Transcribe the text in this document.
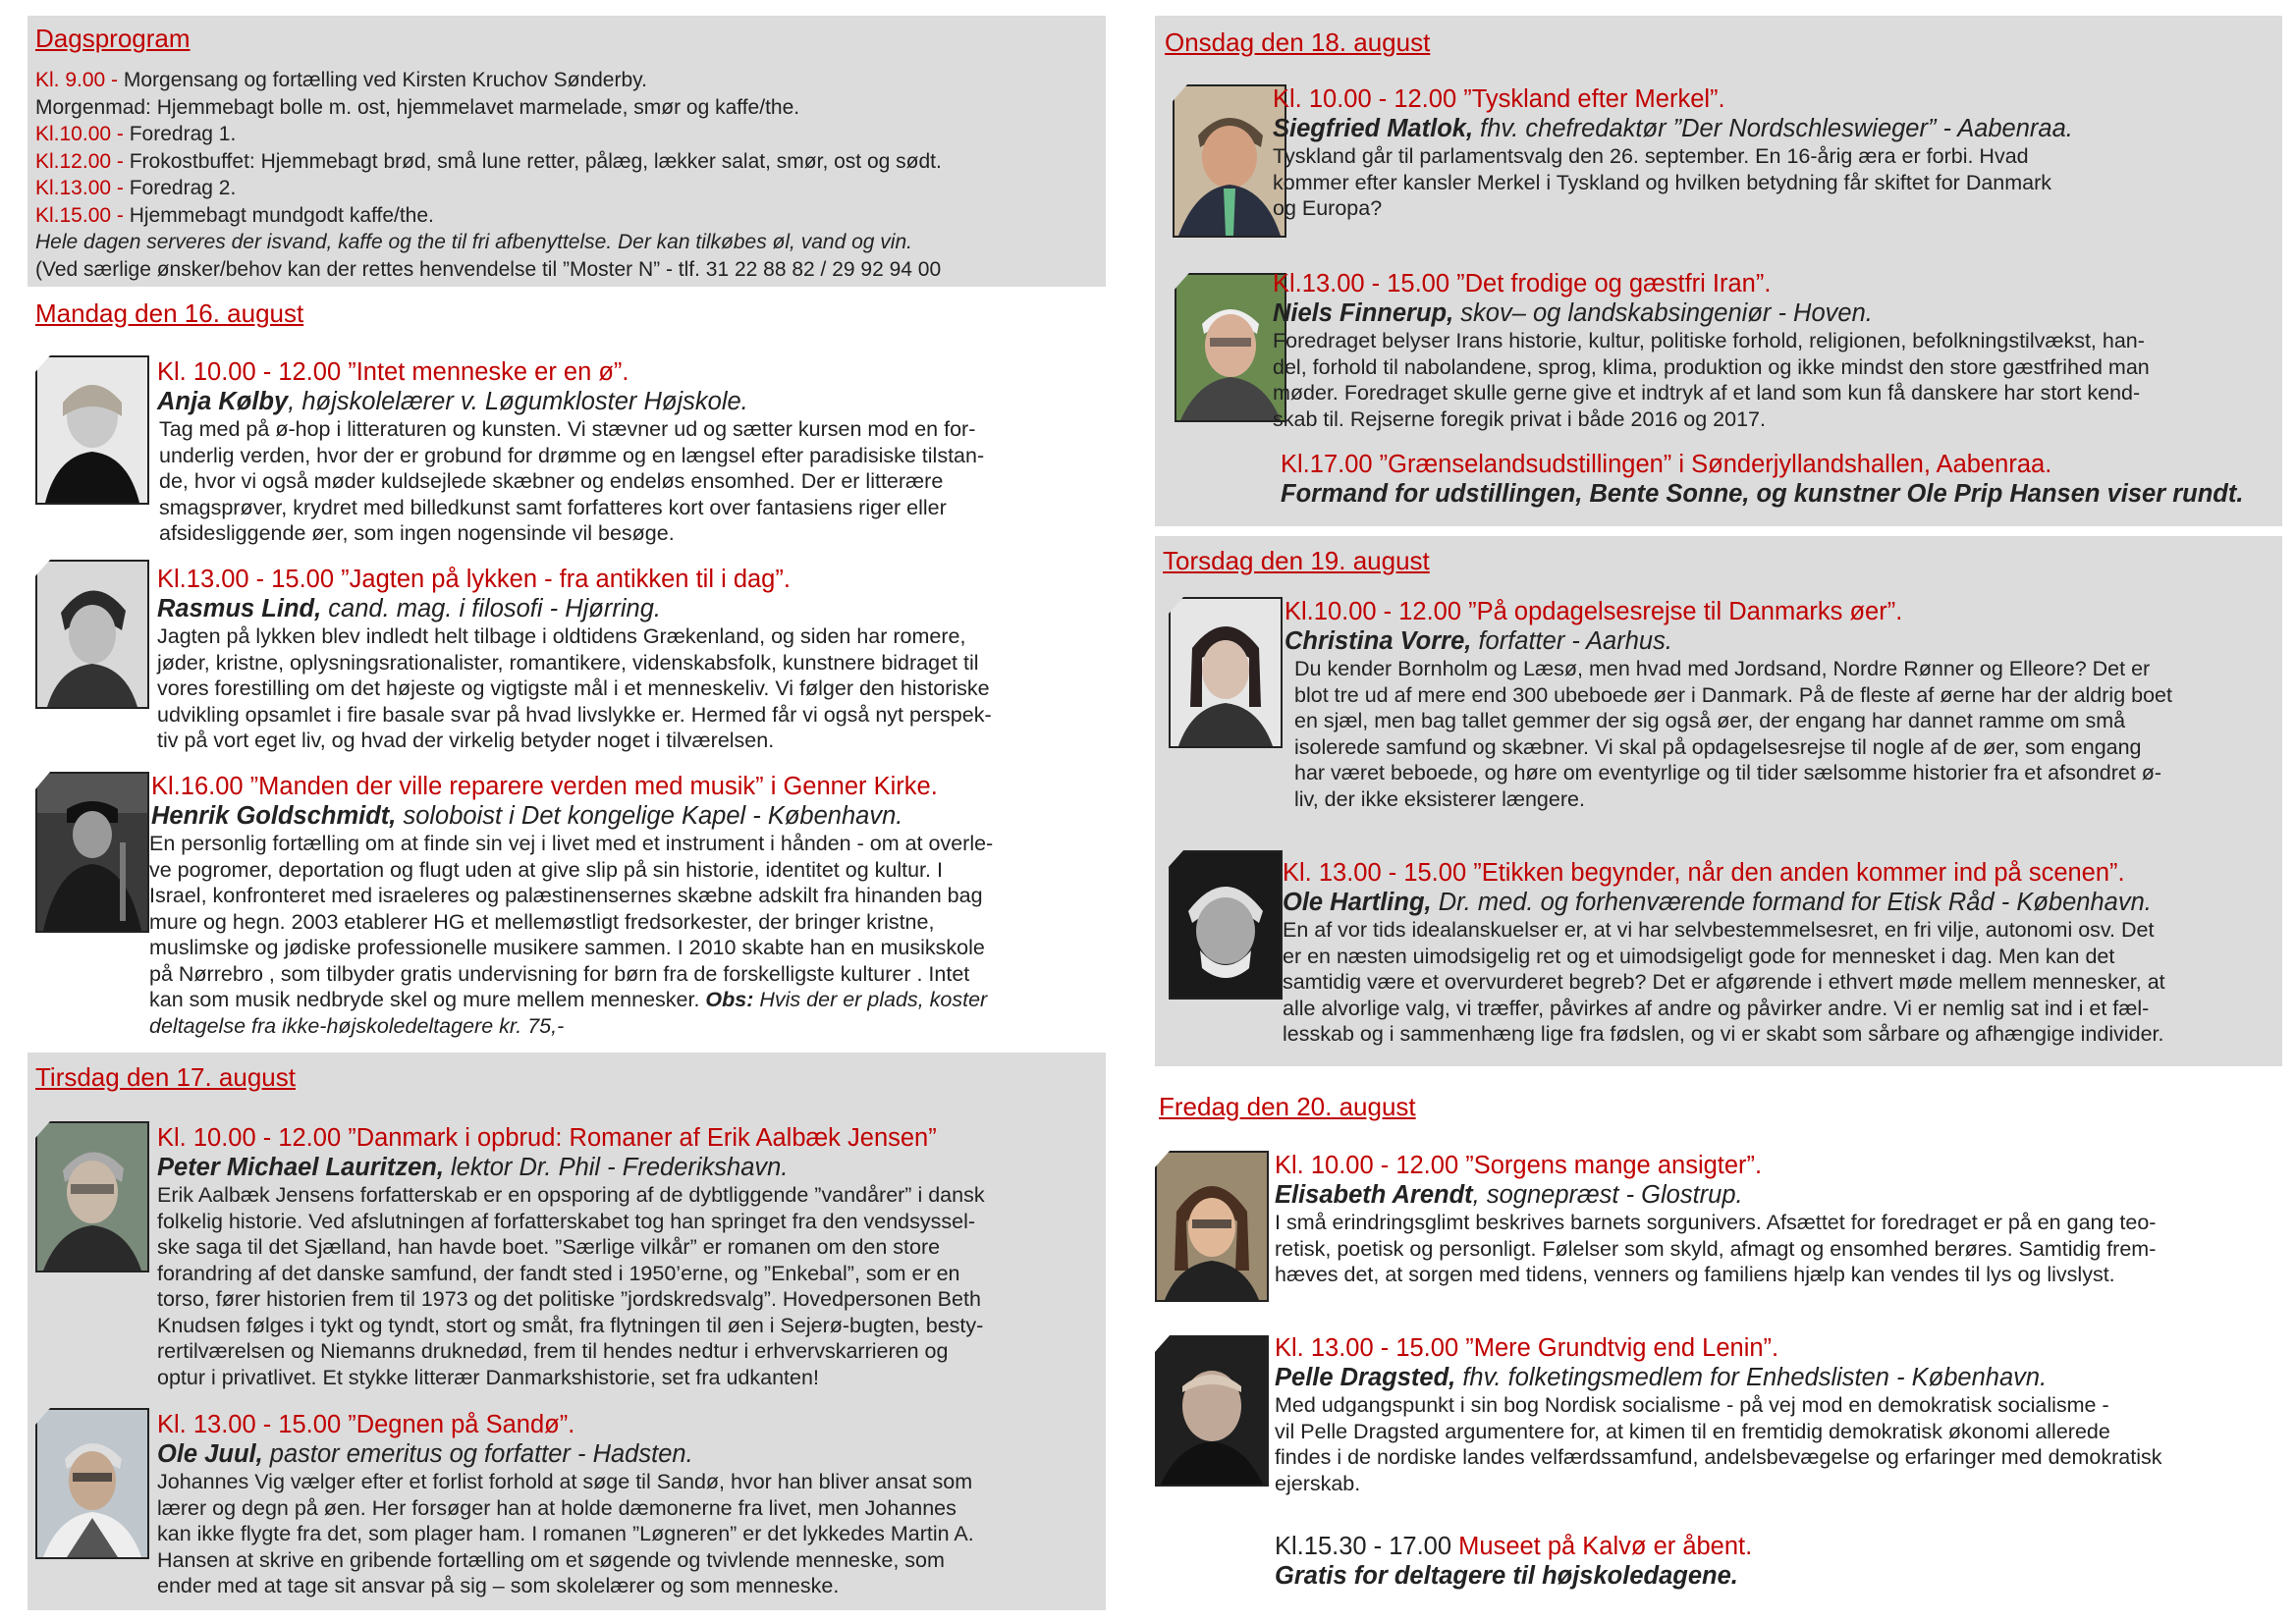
Dagsprogram
Kl. 9.00 - Morgensang og fortælling ved Kirsten Kruchov Sønderby.
Morgenmad: Hjemmebagt bolle m. ost, hjemmelavet marmelade, smør og kaffe/the.
Kl.10.00 - Foredrag 1.
Kl.12.00 - Frokostbuffet: Hjemmebagt brød, små lune retter, pålæg, lækker salat, smør, ost og sødt.
Kl.13.00 - Foredrag 2.
Kl.15.00 - Hjemmebagt mundgodt kaffe/the.
Hele dagen serveres der isvand, kaffe og the til fri afbenyttelse. Der kan tilkøbes øl, vand og vin.
(Ved særlige ønsker/behov kan der rettes henvendelse til ”Moster N” - tlf. 31 22 88 82 / 29 92 94 00
Mandag den 16. august
Kl. 10.00 - 12.00 ”Intet menneske er en ø”.
Anja Kølby, højskolelærer v. Løgumkloster Højskole.
Tag med på ø-hop i litteraturen og kunsten. Vi stævner ud og sætter kursen mod en for-
underlig verden, hvor der er grobund for drømme og en længsel efter paradisiske tilstan-
de, hvor vi også møder kuldsejlede skæbner og endeløs ensomhed. Der er litterære
smagsprøver, krydret med billedkunst samt forfatteres kort over fantasiens riger eller
afsidesliggende øer, som ingen nogensinde vil besøge.
Kl.13.00 - 15.00 ”Jagten på lykken - fra antikken til i dag”.
Rasmus Lind, cand. mag. i filosofi - Hjørring.
Jagten på lykken blev indledt helt tilbage i oldtidens Grækenland, og siden har romere,
jøder, kristne, oplysningsrationalister, romantikere, videnskabsfolk, kunstnere bidraget til
vores forestilling om det højeste og vigtigste mål i et menneskeliv. Vi følger den historiske
udvikling opsamlet i fire basale svar på hvad livslykke er. Hermed får vi også nyt perspek-
tiv på vort eget liv, og hvad der virkelig betyder noget i tilværelsen.
Kl.16.00 ”Manden der ville reparere verden med musik” i Genner Kirke.
Henrik Goldschmidt, soloboist i Det kongelige Kapel - København.
En personlig fortælling om at finde sin vej i livet med et instrument i hånden - om at overle-
ve pogromer, deportation og flugt uden at give slip på sin historie, identitet og kultur. I
Israel, konfronteret med israeleres og palæstinensernes skæbne adskilt fra hinanden bag
mure og hegn. 2003 etablerer HG et mellemøstligt fredsorkester, der bringer kristne,
muslimske og jødiske professionelle musikere sammen. I 2010 skabte han en musikskole
på Nørrebro , som tilbyder gratis undervisning for børn fra de forskelligste kulturer . Intet
kan som musik nedbryde skel og mure mellem mennesker. Obs: Hvis der er plads, koster
deltagelse fra ikke-højskoledeltagere kr. 75,-
Tirsdag den 17. august
Kl. 10.00 - 12.00 ”Danmark i opbrud: Romaner af Erik Aalbæk Jensen”
Peter Michael Lauritzen, lektor Dr. Phil - Frederikshavn.
Erik Aalbæk Jensens forfatterskab er en opsporing af de dybtliggende ”vandårer” i dansk
folkelig historie. Ved afslutningen af forfatterskabet tog han springet fra den vendsyssel-
ske saga til det Sjælland, han havde boet. ”Særlige vilkår” er romanen om den store
forandring af det danske samfund, der fandt sted i 1950’erne, og ”Enkebal”, som er en
torso, fører historien frem til 1973 og det politiske ”jordskredsvalg”. Hovedpersonen Beth
Knudsen følges i tykt og tyndt, stort og småt, fra flytningen til øen i Sejerø-bugten, besty-
rertilværelsen og Niemanns druknedød, frem til hendes nedtur i erhvervskarrieren og
optur i privatlivet. Et stykke litterær Danmarkshistorie, set fra udkanten!
Kl. 13.00 - 15.00 ”Degnen på Sandø”.
Ole Juul, pastor emeritus og forfatter - Hadsten.
Johannes Vig vælger efter et forlist forhold at søge til Sandø, hvor han bliver ansat som
lærer og degn på øen. Her forsøger han at holde dæmonerne fra livet, men Johannes
kan ikke flygte fra det, som plager ham. I romanen ”Løgneren” er det lykkedes Martin A.
Hansen at skrive en gribende fortælling om et søgende og tvivlende menneske, som
ender med at tage sit ansvar på sig – som skolelærer og som menneske.
Onsdag den 18. august
Kl. 10.00 - 12.00 ”Tyskland efter Merkel”.
Siegfried Matlok, fhv. chefredaktør ”Der Nordschleswieger” - Aabenraa.
Tyskland går til parlamentsvalg den 26. september. En 16-årig æra er forbi. Hvad
kommer efter kansler Merkel i Tyskland og hvilken betydning får skiftet for Danmark
og Europa?
Kl.13.00 - 15.00 ”Det frodige og gæstfri Iran”.
Niels Finnerup, skov– og landskabsingeniør - Hoven.
Foredraget belyser Irans historie, kultur, politiske forhold, religionen, befolkningstilvækst, han-
del, forhold til nabolandene, sprog, klima, produktion og ikke mindst den store gæstfrihed man
møder. Foredraget skulle gerne give et indtryk af et land som kun få danskere har stort kend-
skab til. Rejserne foregik privat i både 2016 og 2017.
Kl.17.00 ”Grænselandsudstillingen” i Sønderjyllandshallen, Aabenraa.
Formand for udstillingen, Bente Sonne, og kunstner Ole Prip Hansen viser rundt.
Torsdag den 19. august
Kl.10.00 - 12.00 ”På opdagelsesrejse til Danmarks øer”.
Christina Vorre, forfatter - Aarhus.
Du kender Bornholm og Læsø, men hvad med Jordsand, Nordre Rønner og Elleore? Det er
blot tre ud af mere end 300 ubeboede øer i Danmark. På de fleste af øerne har der aldrig boet
en sjæl, men bag tallet gemmer der sig også øer, der engang har dannet ramme om små
isolerede samfund og skæbner. Vi skal på opdagelsesrejse til nogle af de øer, som engang
har været beboede, og høre om eventyrlige og til tider sælsomme historier fra et afsondret ø-
liv, der ikke eksisterer længere.
Kl. 13.00 - 15.00 ”Etikken begynder, når den anden kommer ind på scenen”.
Ole Hartling, Dr. med. og forhenværende formand for Etisk Råd - København.
En af vor tids idealanskuelser er, at vi har selvbestemmelsesret, en fri vilje, autonomi osv. Det
er en næsten uimodsigelig ret og et uimodsigeligt gode for mennesket i dag. Men kan det
samtidig være et overvurderet begreb? Det er afgørende i ethvert møde mellem mennesker, at
alle alvorlige valg, vi træffer, påvirkes af andre og påvirker andre. Vi er nemlig sat ind i et fæl-
lesskab og i sammenhæng lige fra fødslen, og vi er skabt som sårbare og afhængige individer.
Fredag den 20. august
Kl. 10.00 - 12.00 ”Sorgens mange ansigter”.
Elisabeth Arendt, sognepræst - Glostrup.
I små erindringsglimt beskrives barnets sorgunivers. Afsættet for foredraget er på en gang teo-
retisk, poetisk og personligt. Følelser som skyld, afmagt og ensomhed berøres. Samtidig frem-
hæves det, at sorgen med tidens, venners og familiens hjælp kan vendes til lys og livslyst.
Kl. 13.00 - 15.00 ”Mere Grundtvig end Lenin”.
Pelle Dragsted, fhv. folketingsmedlem for Enhedslisten - København.
Med udgangspunkt i sin bog Nordisk socialisme - på vej mod en demokratisk socialisme -
vil Pelle Dragsted argumentere for, at kimen til en fremtidig demokratisk økonomi allerede
findes i de nordiske landes velfærdssamfund, andelsbevægelse og erfaringer med demokratisk
ejerskab.
Kl.15.30 - 17.00 Museet på Kalvø er åbent.
Gratis for deltagere til højskoledagene.
